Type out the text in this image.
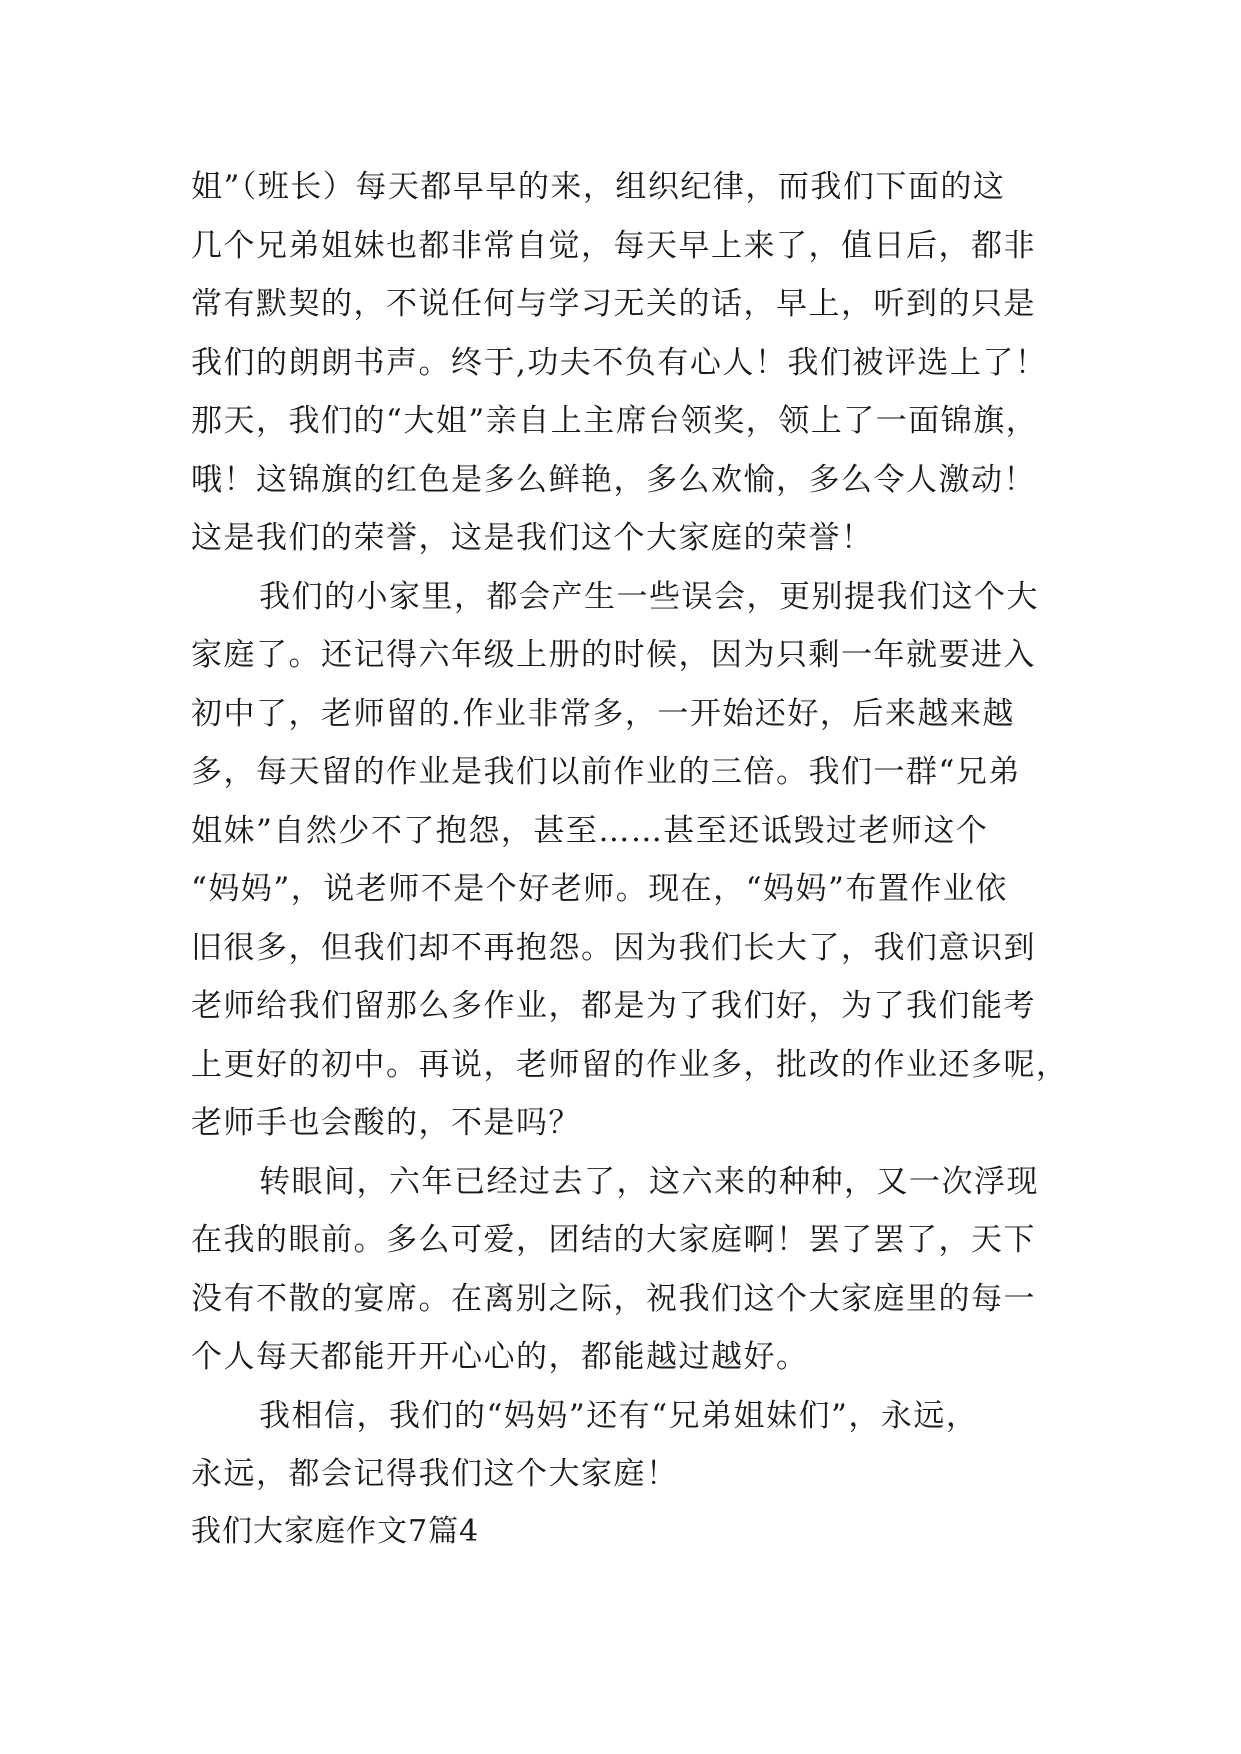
姐”（班长）每天都早早的来，组织纪律，而我们下面的这
几个兄弟姐妹也都非常自觉，每天早上来了，值日后，都非
常有默契的，不说任何与学习无关的话，早上，听到的只是
我们的朗朗书声。终于,功夫不负有心人！我们被评选上了！
那天，我们的“大姐”亲自上主席台领奖，领上了一面锦旗，
哦！这锦旗的红色是多么鲜艳，多么欢愉，多么令人激动！
这是我们的荣誉，这是我们这个大家庭的荣誉！
我们的小家里，都会产生一些误会，更别提我们这个大
家庭了。还记得六年级上册的时候，因为只剩一年就要进入
初中了，老师留的.作业非常多，一开始还好，后来越来越
多，每天留的作业是我们以前作业的三倍。我们一群“兄弟
姐妹”自然少不了抱怨，甚至……甚至还诋毁过老师这个
“妈妈”，说老师不是个好老师。现在，“妈妈”布置作业依
旧很多，但我们却不再抱怨。因为我们长大了，我们意识到
老师给我们留那么多作业，都是为了我们好，为了我们能考
上更好的初中。再说，老师留的作业多，批改的作业还多呢，
老师手也会酸的，不是吗？
转眼间，六年已经过去了，这六来的种种，又一次浮现
在我的眼前。多么可爱，团结的大家庭啊！罢了罢了，天下
没有不散的宴席。在离别之际，祝我们这个大家庭里的每一
个人每天都能开开心心的，都能越过越好。
我相信，我们的“妈妈”还有“兄弟姐妹们”，永远，
永远，都会记得我们这个大家庭！
我们大家庭作文7篇4
